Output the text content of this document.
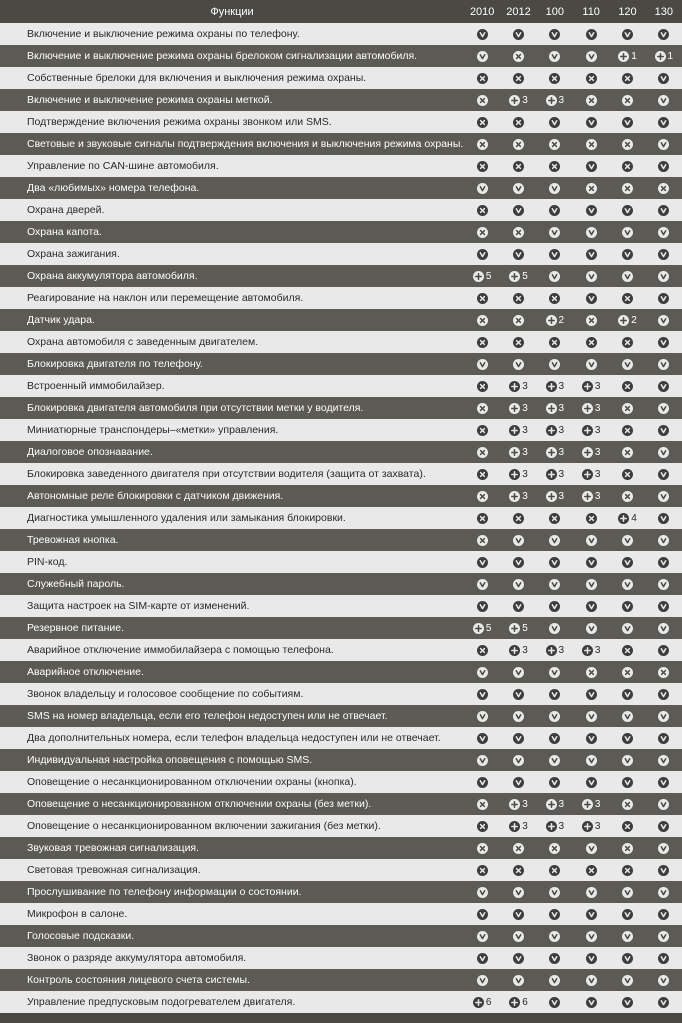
Функции	2010	2012	100	110	120	130
Включение и выключение режима охраны по телефону.	

Включение и выключение режима охраны брелоком сигнализации автомобиля.					1	1
Собственные брелоки для включения и выключения режима охраны.	

Включение и выключение режима охраны меткой.		3	3	

Подтверждение включения режима охраны звонком или SMS.	

Световые и звуковые сигналы подтверждения включения и выключения режима охраны.	

Управление по CAN-шине автомобиля.	

Два «любимых» номера телефона.	

Охрана дверей.	

Охрана капота.	

Охрана зажигания.	

Охрана аккумулятора автомобиля.	5	5	

Реагирование на наклон или перемещение автомобиля.	

Датчик удара.			2		2	

Охрана автомобиля с заведенным двигателем.	

Блокировка двигателя по телефону.	

Встроенный иммобилайзер.		3	3	3	

Блокировка двигателя автомобиля при отсутствии метки у водителя.		3	3	3	

Миниатюрные транспондеры–«метки» управления.		3	3	3	

Диалоговое опознавание.		3	3	3	

Блокировка заведенного двигателя при отсутствии водителя (защита от захвата).		3	3	3	

Автономные реле блокировки с датчиком движения.		3	3	3	

Диагностика умышленного удаления или замыкания блокировки.					4	

Тревожная кнопка.	

PIN-код.	

Служебный пароль.	

Защита настроек на SIM-карте от изменений.	

Резервное питание.	5	5	

Аварийное отключение иммобилайзера с помощью телефона.		3	3	3	

Аварийное отключение.	

Звонок владельцу и голосовое сообщение по событиям.	

SMS на номер владельца, если его телефон недоступен или не отвечает.	

Два дополнительных номера, если телефон владельца недоступен или не отвечает.	

Индивидуальная настройка оповещения с помощью SMS.	

Оповещение о несанкционированном отключении охраны (кнопка).	

Оповещение о несанкционированном отключении охраны (без метки).		3	3	3	

Оповещение о несанкционированном включении зажигания (без метки).		3	3	3	

Звуковая тревожная сигнализация.	

Световая тревожная сигнализация.	

Прослушивание по телефону информации о состоянии.	

Микрофон в салоне.	

Голосовые подсказки.	

Звонок о разряде аккумулятора автомобиля.	

Контроль состояния лицевого счета системы.	

Управление предпусковым подогревателем двигателя.	6	6	
